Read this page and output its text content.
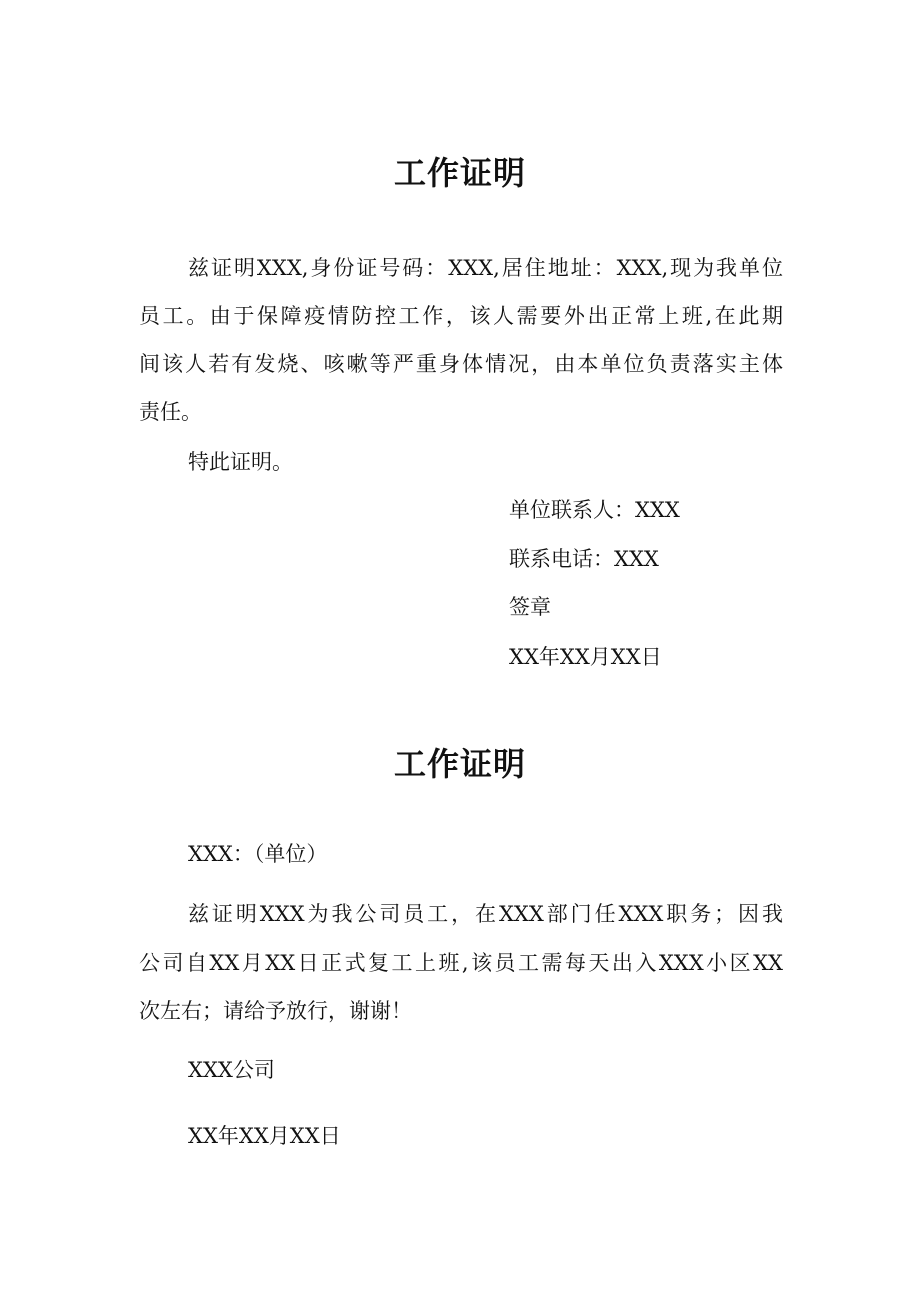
工作证明
兹证明XXX,身份证号码：XXX,居住地址：XXX,现为我单位
员工。由于保障疫情防控工作，该人需要外出正常上班,在此期
间该人若有发烧、咳嗽等严重身体情况，由本单位负责落实主体
责任。
特此证明。
单位联系人：XXX
联系电话：XXX
签章
XX年XX月XX日
工作证明
XXX：（单位）
兹证明XXX为我公司员工，在XXX部门任XXX职务；因我
公司自XX月XX日正式复工上班,该员工需每天出入XXX小区XX
次左右；请给予放行，谢谢！
XXX公司
XX年XX月XX日
